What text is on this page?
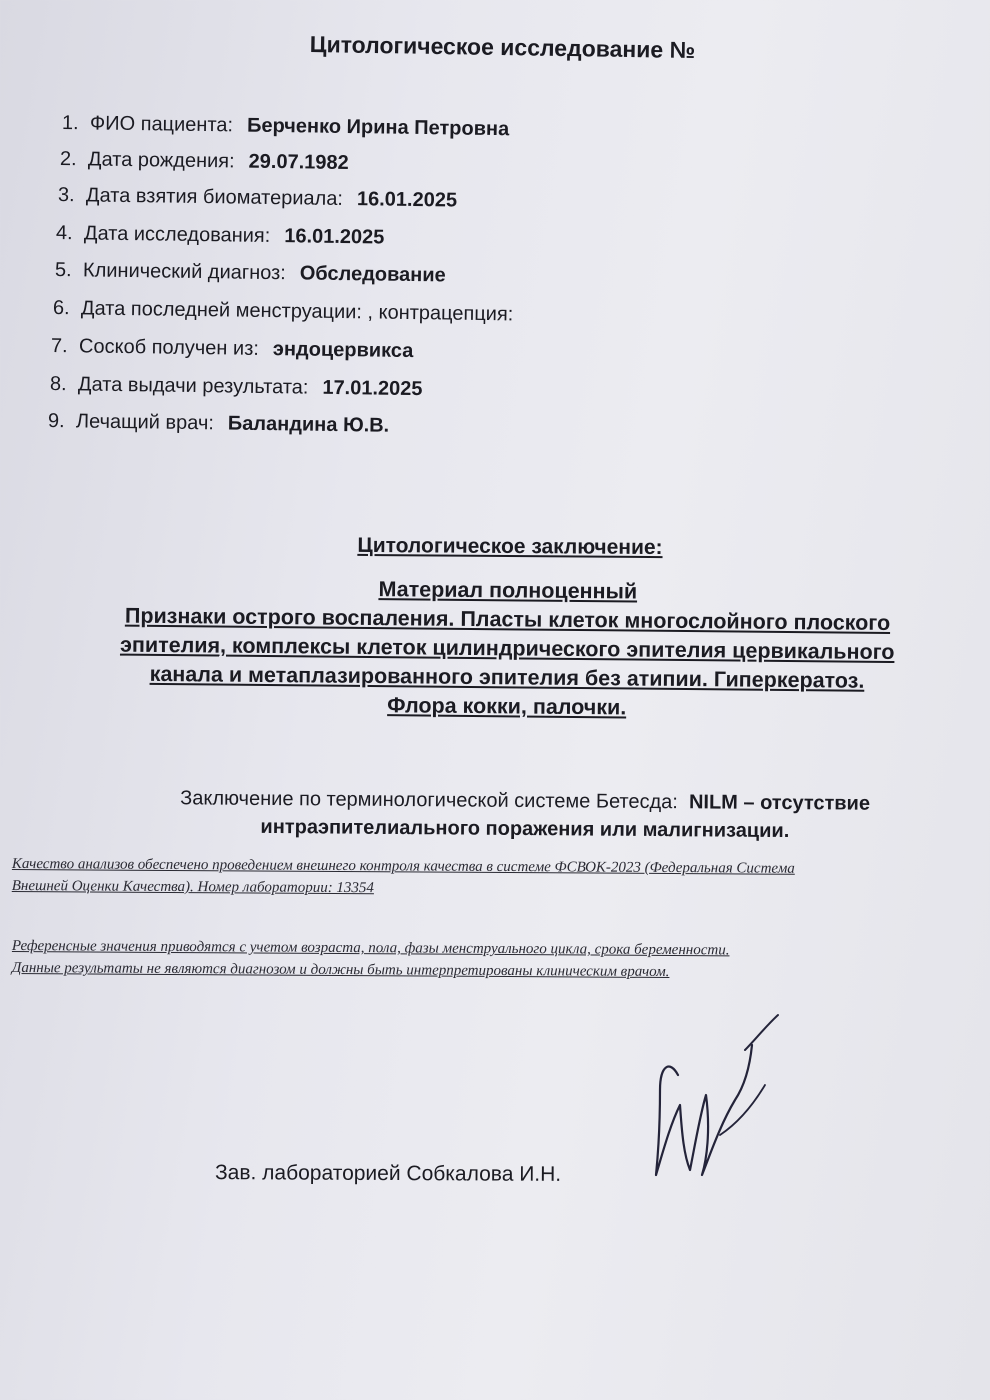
Цитологическое исследование №
1. ФИО пациента: Берченко Ирина Петровна
2. Дата рождения: 29.07.1982
3. Дата взятия биоматериала: 16.01.2025
4. Дата исследования: 16.01.2025
5. Клинический диагноз: Обследование
6. Дата последней менструации: , контрацепция:
7. Соскоб получен из: эндоцервикса
8. Дата выдачи результата: 17.01.2025
9. Лечащий врач: Баландина Ю.В.
Цитологическое заключение:
Материал полноценный
Признаки острого воспаления. Пласты клеток многослойного плоского
эпителия, комплексы клеток цилиндрического эпителия цервикального
канала и метаплазированного эпителия без атипии. Гиперкератоз.
Флора кокки, палочки.
Заключение по терминологической системе Бетесда: NILM – отсутствие
интраэпителиального поражения или малигнизации.
Качество анализов обеспечено проведением внешнего контроля качества в системе ФСВОК-2023 (Федеральная Система
Внешней Оценки Качества). Номер лаборатории: 13354
Референсные значения приводятся с учетом возраста, пола, фазы менструального цикла, срока беременности.
Данные результаты не являются диагнозом и должны быть интерпретированы клиническим врачом.
Зав. лабораторией Собкалова И.Н.
